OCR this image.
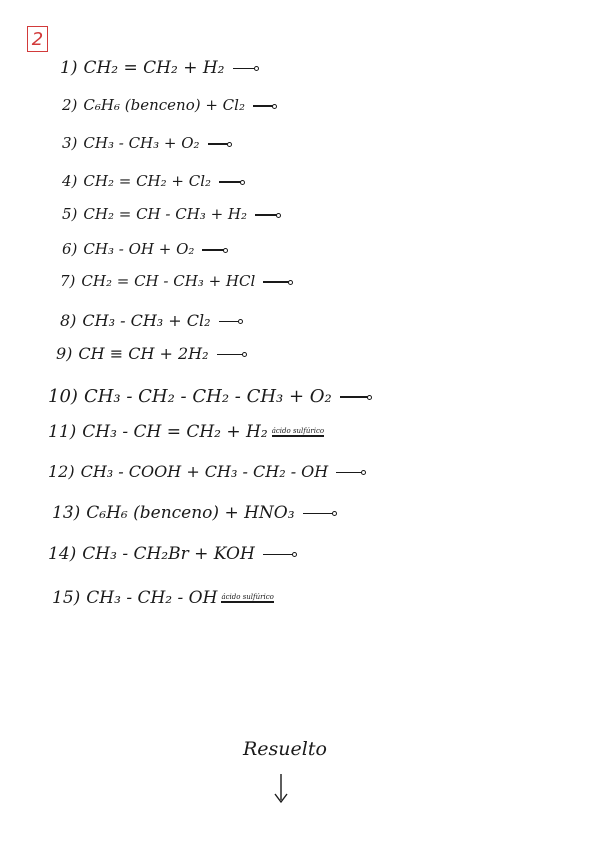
2
1) CH₂ = CH₂ + H₂ →
2) C₆H₆ (benceno) + Cl₂ →
3) CH₃ - CH₃ + O₂ →
4) CH₂ = CH₂ + Cl₂ →
5) CH₂ = CH - CH₃ + H₂ →
6) CH₃ - OH + O₂ →
7) CH₂ = CH - CH₃ + HCl →
8) CH₃ - CH₃ + Cl₂ →
9) CH ≡ CH + 2H₂ →
10) CH₃ - CH₂ - CH₂ - CH₃ + O₂ →
11) CH₃ - CH = CH₂ + H₂ ácido sulfúrico
12) CH₃ - COOH + CH₃ - CH₂ - OH →
13) C₆H₆ (benceno) + HNO₃ →
14) CH₃ - CH₂Br + KOH →
15) CH₃ - CH₂ - OH ácido sulfúrico
Resuelto
